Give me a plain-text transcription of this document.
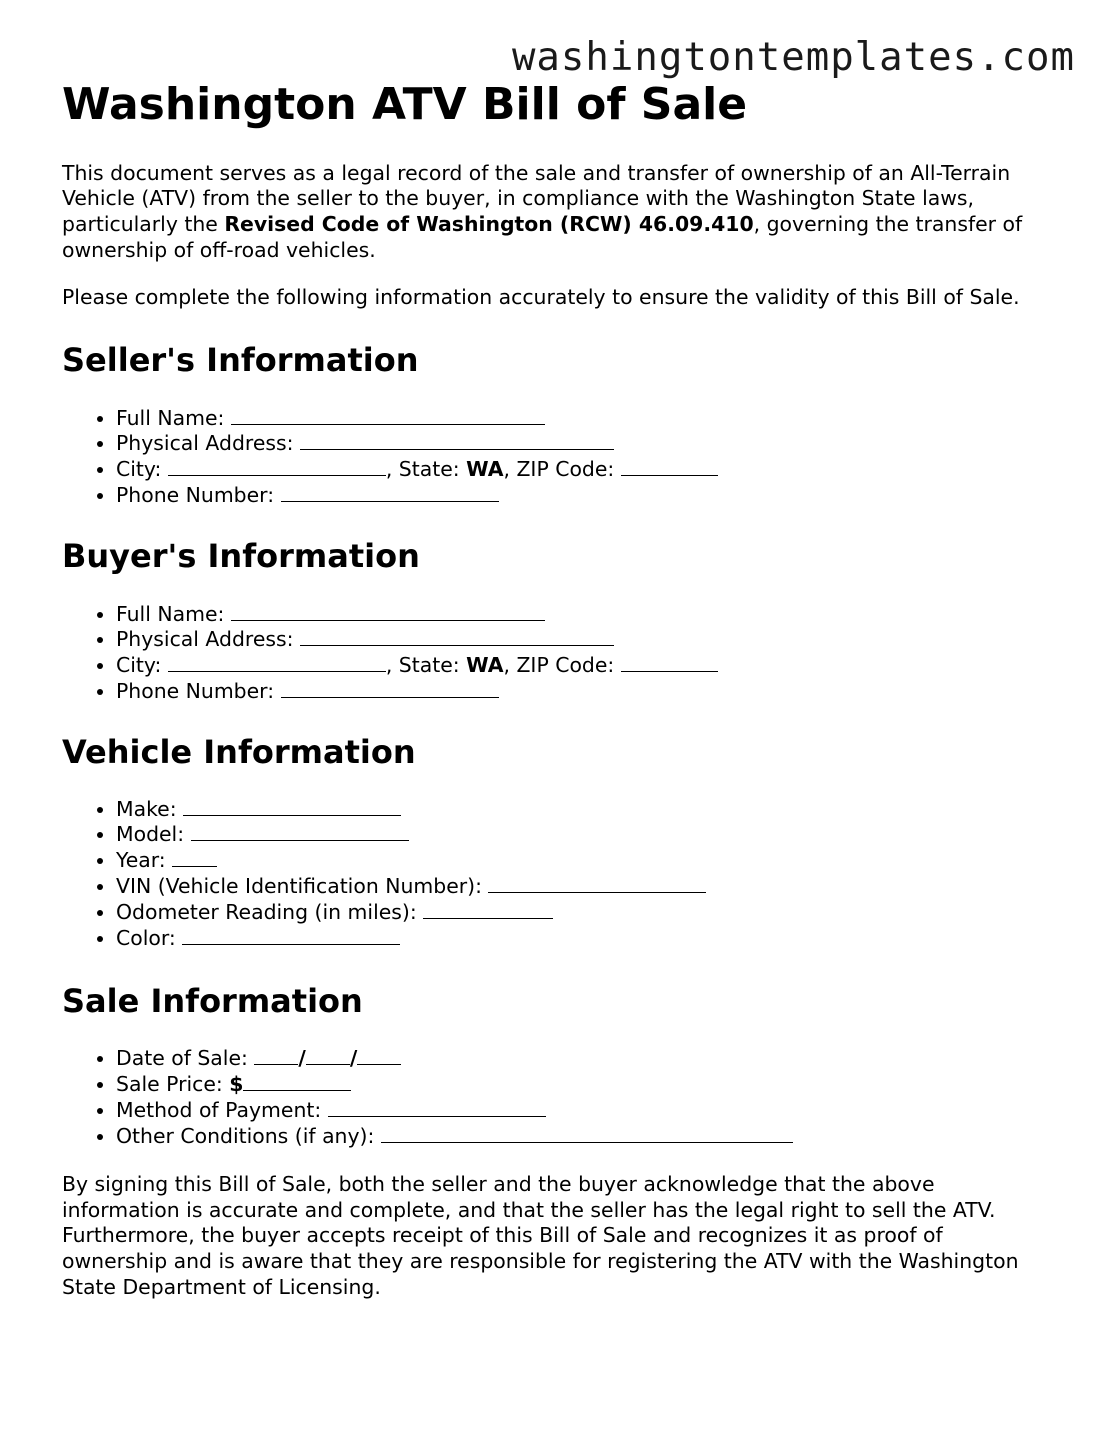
washingtontemplates.com
Washington ATV Bill of Sale

This document serves as a legal record of the sale and transfer of ownership of an All-Terrain Vehicle (ATV) from the seller to the buyer, in compliance with the Washington State laws, particularly the Revised Code of Washington (RCW) 46.09.410, governing the transfer of ownership of off-road vehicles.

Please complete the following information accurately to ensure the validity of this Bill of Sale.

Seller's Information
• Full Name:
• Physical Address:
• City:	, State: WA, ZIP Code:
• Phone Number:
Buyer's Information
• Full Name:
• Physical Address:
• City:	, State: WA, ZIP Code:
• Phone Number:
Vehicle Information
• Make:
• Model:
• Year:
• VIN (Vehicle Identification Number):
• Odometer Reading (in miles):
• Color:
Sale Information
• Date of Sale: / /
• Sale Price: $
• Method of Payment:
• Other Conditions (if any):

By signing this Bill of Sale, both the seller and the buyer acknowledge that the above information is accurate and complete, and that the seller has the legal right to sell the ATV. Furthermore, the buyer accepts receipt of this Bill of Sale and recognizes it as proof of ownership and is aware that they are responsible for registering the ATV with the Washington State Department of Licensing.
